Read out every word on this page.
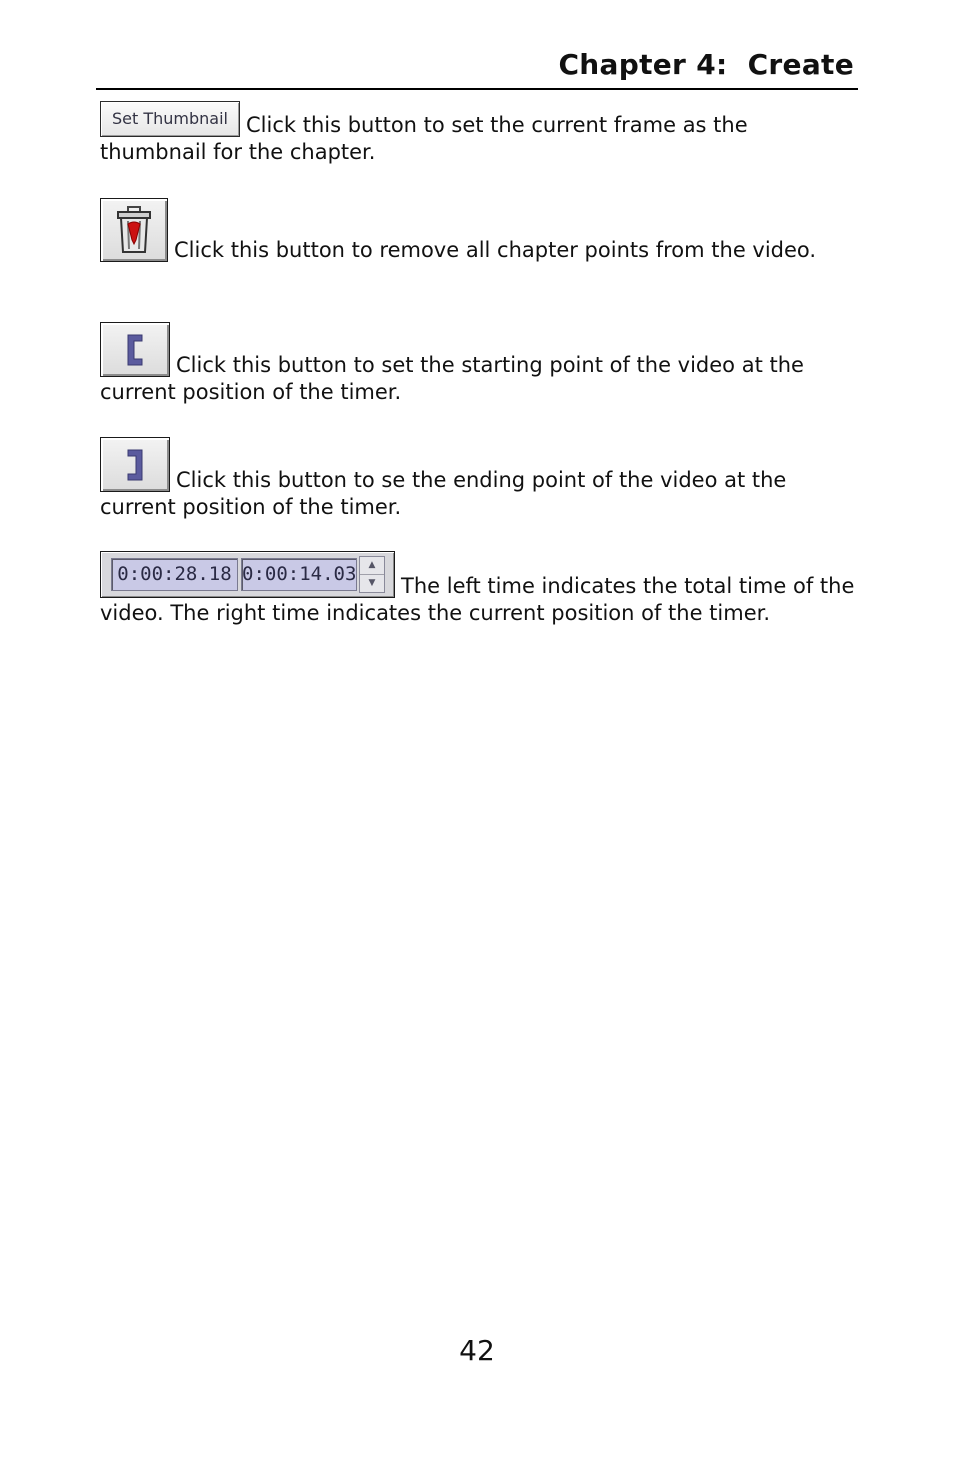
Chapter 4:  Create
Set Thumbnail Click this button to set the current frame as the thumbnail for the chapter.
Click this button to remove all chapter points from the video.
Click this button to set the starting point of the video at the current position of the timer.
Click this button to se the ending point of the video at the current position of the timer.
0:00:28.18 0:00:14.03 ▲
▼ The left time indicates the total time of the video. The right time indicates the current position of the timer.
42
